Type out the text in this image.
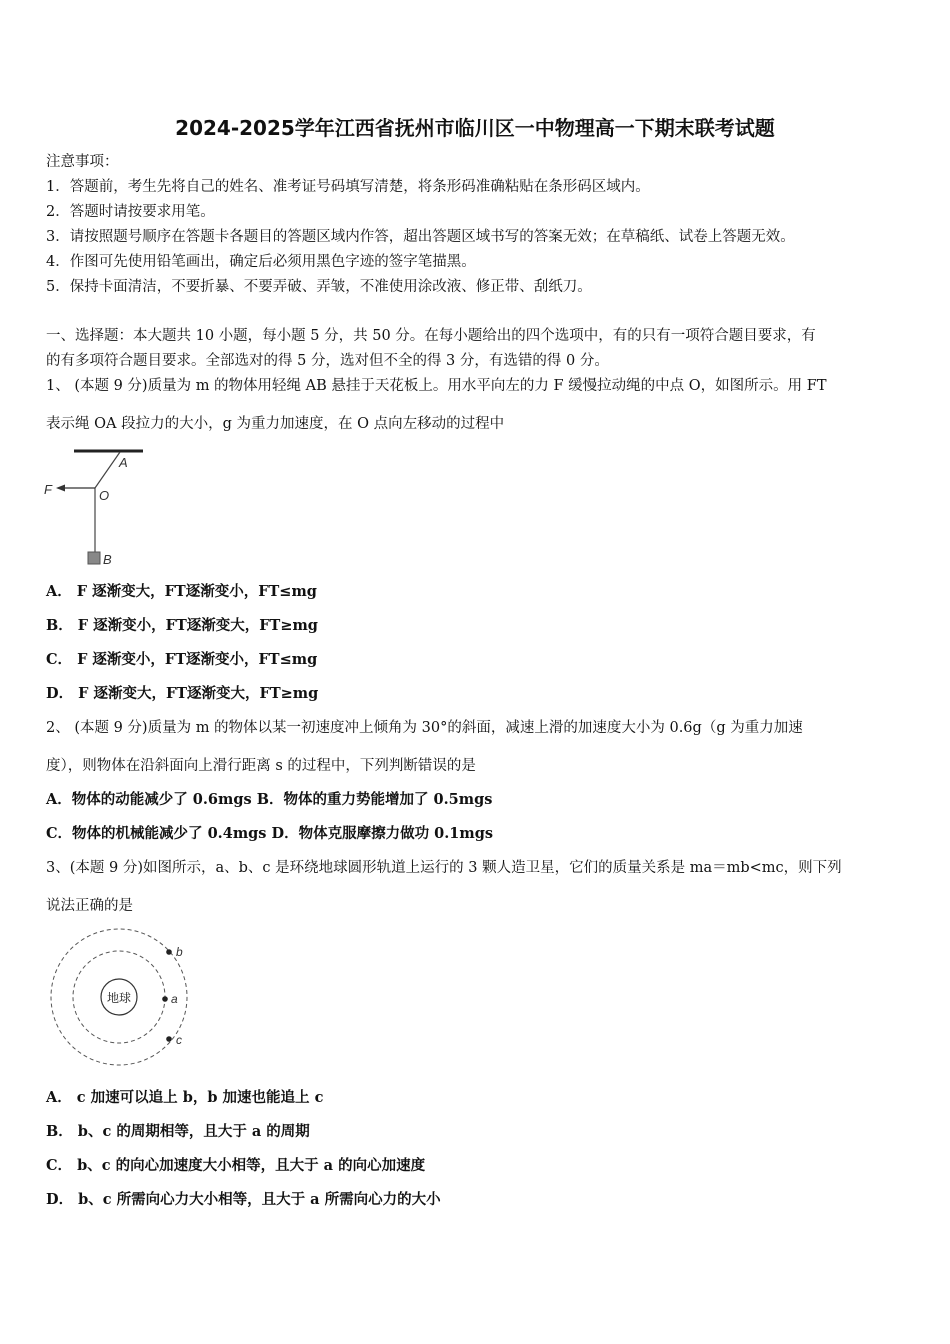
2024-2025学年江西省抚州市临川区一中物理高一下期末联考试题
注意事项：
1．答题前，考生先将自己的姓名、准考证号码填写清楚，将条形码准确粘贴在条形码区域内。
2．答题时请按要求用笔。
3．请按照题号顺序在答题卡各题目的答题区域内作答，超出答题区域书写的答案无效；在草稿纸、试卷上答题无效。
4．作图可先使用铅笔画出，确定后必须用黑色字迹的签字笔描黑。
5．保持卡面清洁，不要折暴、不要弄破、弄皱，不准使用涂改液、修正带、刮纸刀。
一、选择题：本大题共 10 小题，每小题 5 分，共 50 分。在每小题给出的四个选项中，有的只有一项符合题目要求，有
的有多项符合题目要求。全部选对的得 5 分，选对但不全的得 3 分，有选错的得 0 分。
1、 (本题 9 分)质量为 m 的物体用轻绳 AB 悬挂于天花板上。用水平向左的力 F 缓慢拉动绳的中点 O，如图所示。用 FT
表示绳 OA 段拉力的大小，g 为重力加速度，在 O 点向左移动的过程中
A
F	O
B
A． F 逐渐变大，FT逐渐变小，FT≤mg
B． F 逐渐变小，FT逐渐变大，FT≥mg
C． F 逐渐变小，FT逐渐变小，FT≤mg
D． F 逐渐变大，FT逐渐变大，FT≥mg
2、 (本题 9 分)质量为 m 的物体以某一初速度冲上倾角为 30°的斜面，减速上滑的加速度大小为 0.6g（g 为重力加速
度），则物体在沿斜面向上滑行距离 s 的过程中，下列判断错误的是
A．物体的动能减少了 0.6mgs B．物体的重力势能增加了 0.5mgs
C．物体的机械能减少了 0.4mgs D．物体克服摩擦力做功 0.1mgs
3、(本题 9 分)如图所示，a、b、c 是环绕地球圆形轨道上运行的 3 颗人造卫星，它们的质量关系是 ma＝mb<mc，则下列
说法正确的是
地球
b
a
c
A． c 加速可以追上 b，b 加速也能追上 c
B． b、c 的周期相等，且大于 a 的周期
C． b、c 的向心加速度大小相等，且大于 a 的向心加速度
D． b、c 所需向心力大小相等，且大于 a 所需向心力的大小
